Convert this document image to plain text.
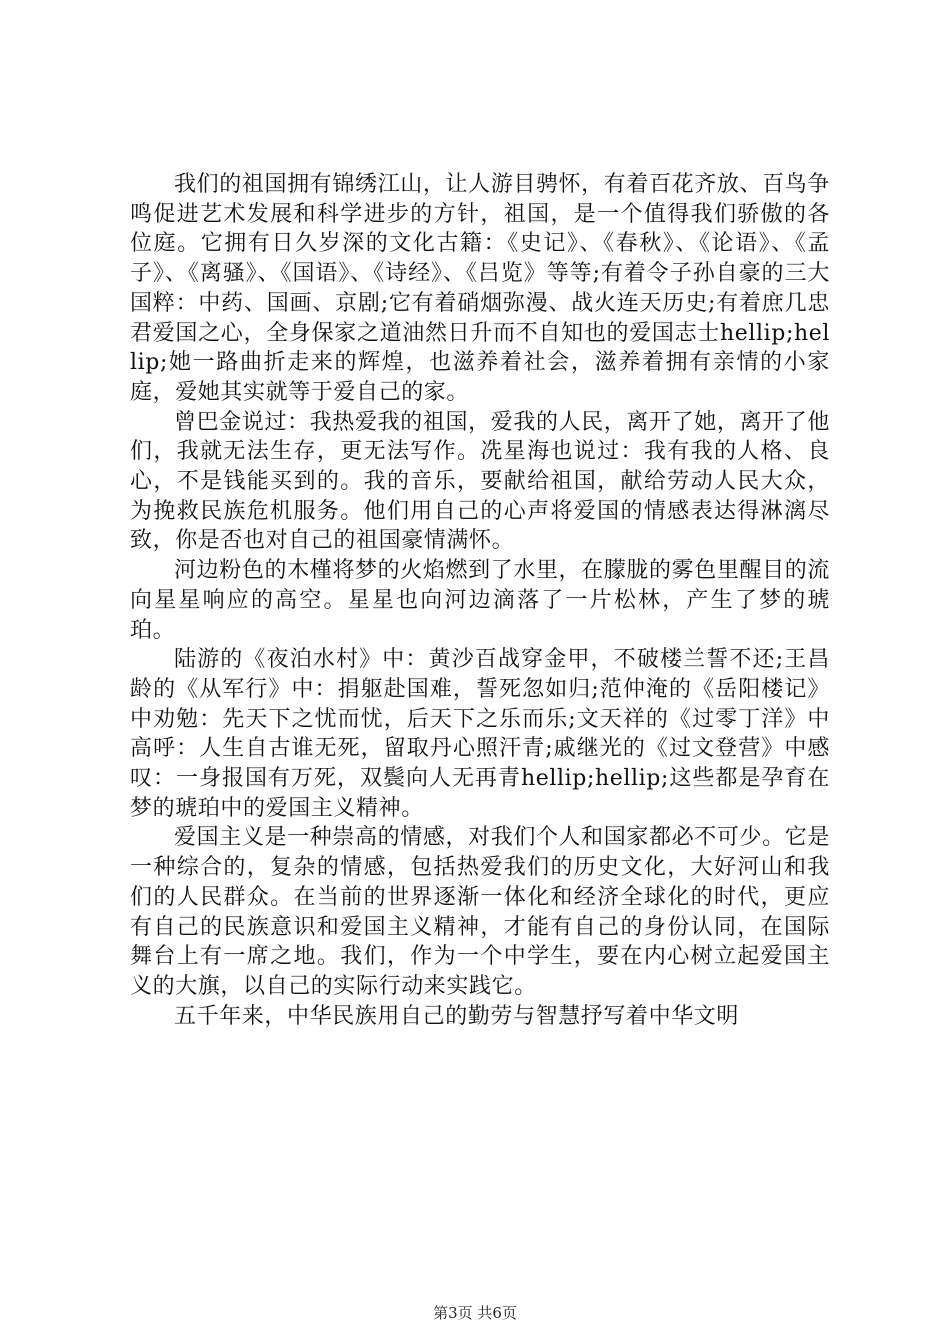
我们的祖国拥有锦绣江山，让人游目骋怀，有着百花齐放、百鸟争鸣促进艺术发展和科学进步的方针，祖国，是一个值得我们骄傲的各位庭。它拥有日久岁深的文化古籍：《史记》、《春秋》、《论语》、《孟子》、《离骚》、《国语》、《诗经》、《吕览》等等;有着令子孙自豪的三大国粹：中药、国画、京剧;它有着硝烟弥漫、战火连天历史;有着庶几忠君爱国之心，全身保家之道油然日升而不自知也的爱国志士hellip;hellip;她一路曲折走来的辉煌，也滋养着社会，滋养着拥有亲情的小家庭，爱她其实就等于爱自己的家。

曾巴金说过：我热爱我的祖国，爱我的人民，离开了她，离开了他们，我就无法生存，更无法写作。冼星海也说过：我有我的人格、良心，不是钱能买到的。我的音乐，要献给祖国，献给劳动人民大众，为挽救民族危机服务。他们用自己的心声将爱国的情感表达得淋漓尽致，你是否也对自己的祖国豪情满怀。

河边粉色的木槿将梦的火焰燃到了水里，在朦胧的雾色里醒目的流向星星响应的高空。星星也向河边滴落了一片松林，产生了梦的琥珀。

陆游的《夜泊水村》中：黄沙百战穿金甲，不破楼兰誓不还;王昌龄的《从军行》中：捐躯赴国难，誓死忽如归;范仲淹的《岳阳楼记》中劝勉：先天下之忧而忧，后天下之乐而乐;文天祥的《过零丁洋》中高呼：人生自古谁无死，留取丹心照汗青;戚继光的《过文登营》中感叹：一身报国有万死，双鬓向人无再青hellip;hellip;这些都是孕育在梦的琥珀中的爱国主义精神。

爱国主义是一种崇高的情感，对我们个人和国家都必不可少。它是一种综合的，复杂的情感，包括热爱我们的历史文化，大好河山和我们的人民群众。在当前的世界逐渐一体化和经济全球化的时代，更应有自己的民族意识和爱国主义精神，才能有自己的身份认同，在国际舞台上有一席之地。我们，作为一个中学生，要在内心树立起爱国主义的大旗，以自己的实际行动来实践它。

五千年来，中华民族用自己的勤劳与智慧抒写着中华文明

第3页 共6页
